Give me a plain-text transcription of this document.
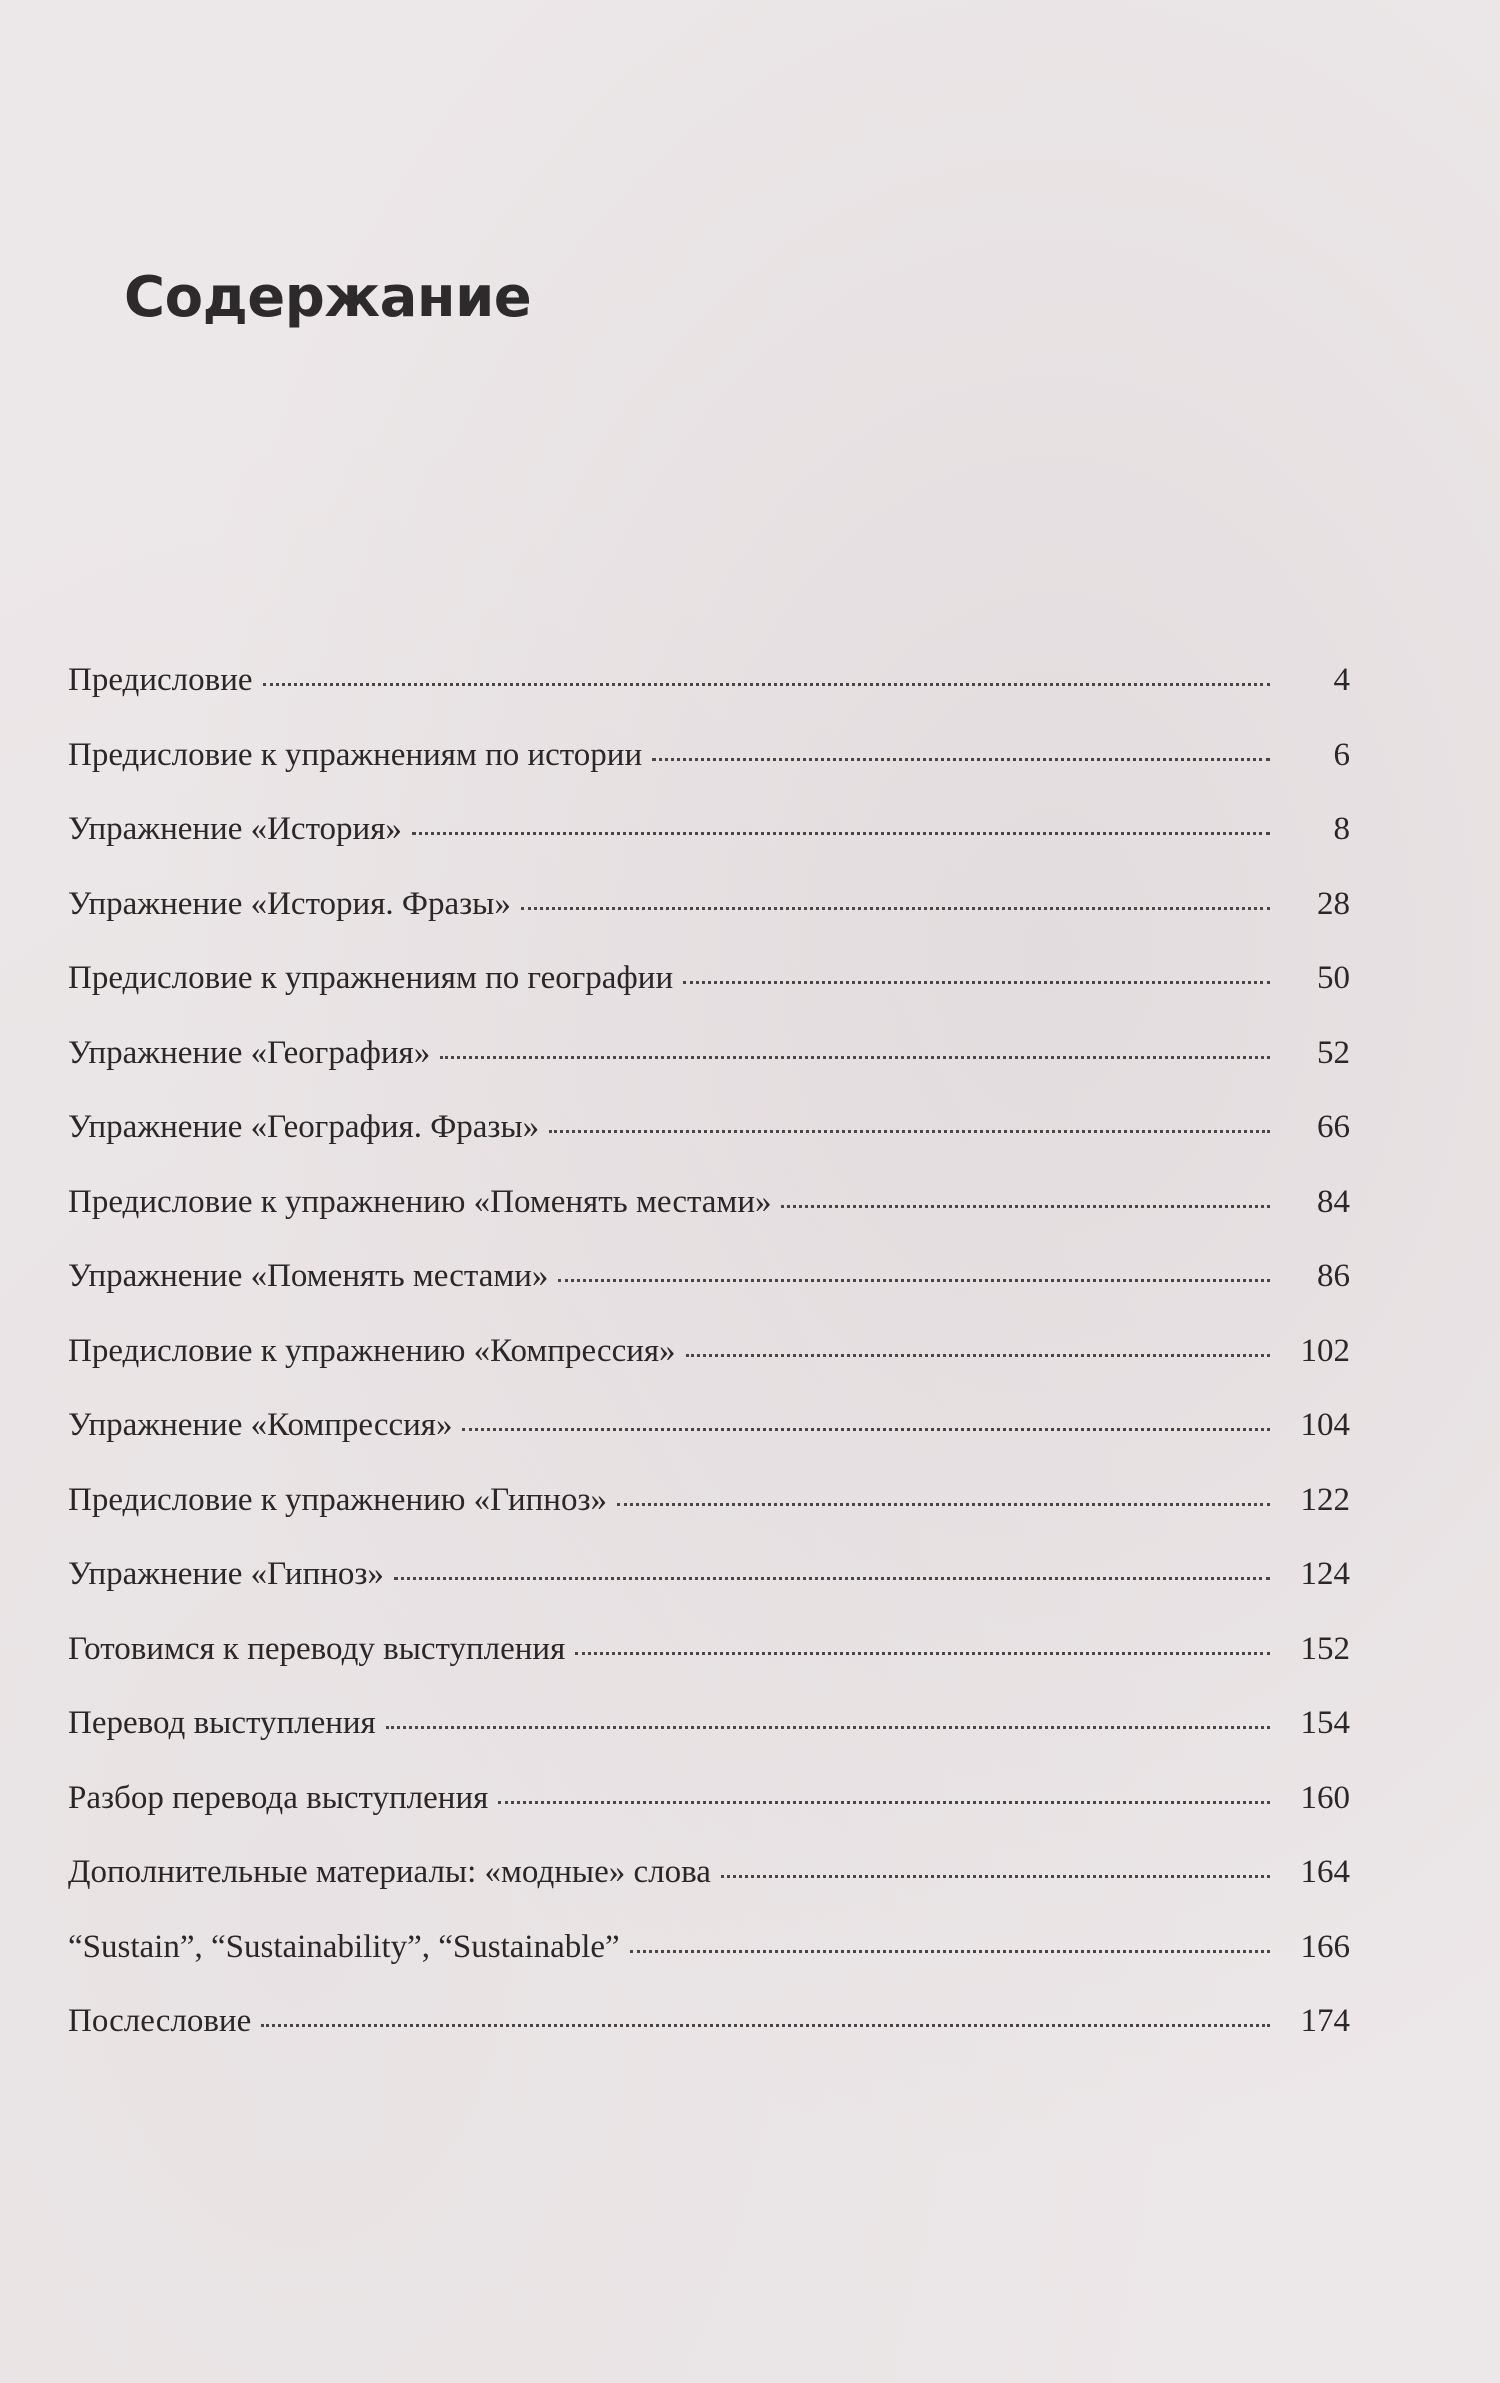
Содержание
Предисловие	4
Предисловие к упражнениям по истории	6
Упражнение «История»	8
Упражнение «История. Фразы»	28
Предисловие к упражнениям по географии	50
Упражнение «География»	52
Упражнение «География. Фразы»	66
Предисловие к упражнению «Поменять местами»	84
Упражнение «Поменять местами»	86
Предисловие к упражнению «Компрессия»	102
Упражнение «Компрессия»	104
Предисловие к упражнению «Гипноз»	122
Упражнение «Гипноз»	124
Готовимся к переводу выступления	152
Перевод выступления	154
Разбор перевода выступления	160
Дополнительные материалы: «модные» слова	164
“Sustain”, “Sustainability”, “Sustainable”	166
Послесловие	174
